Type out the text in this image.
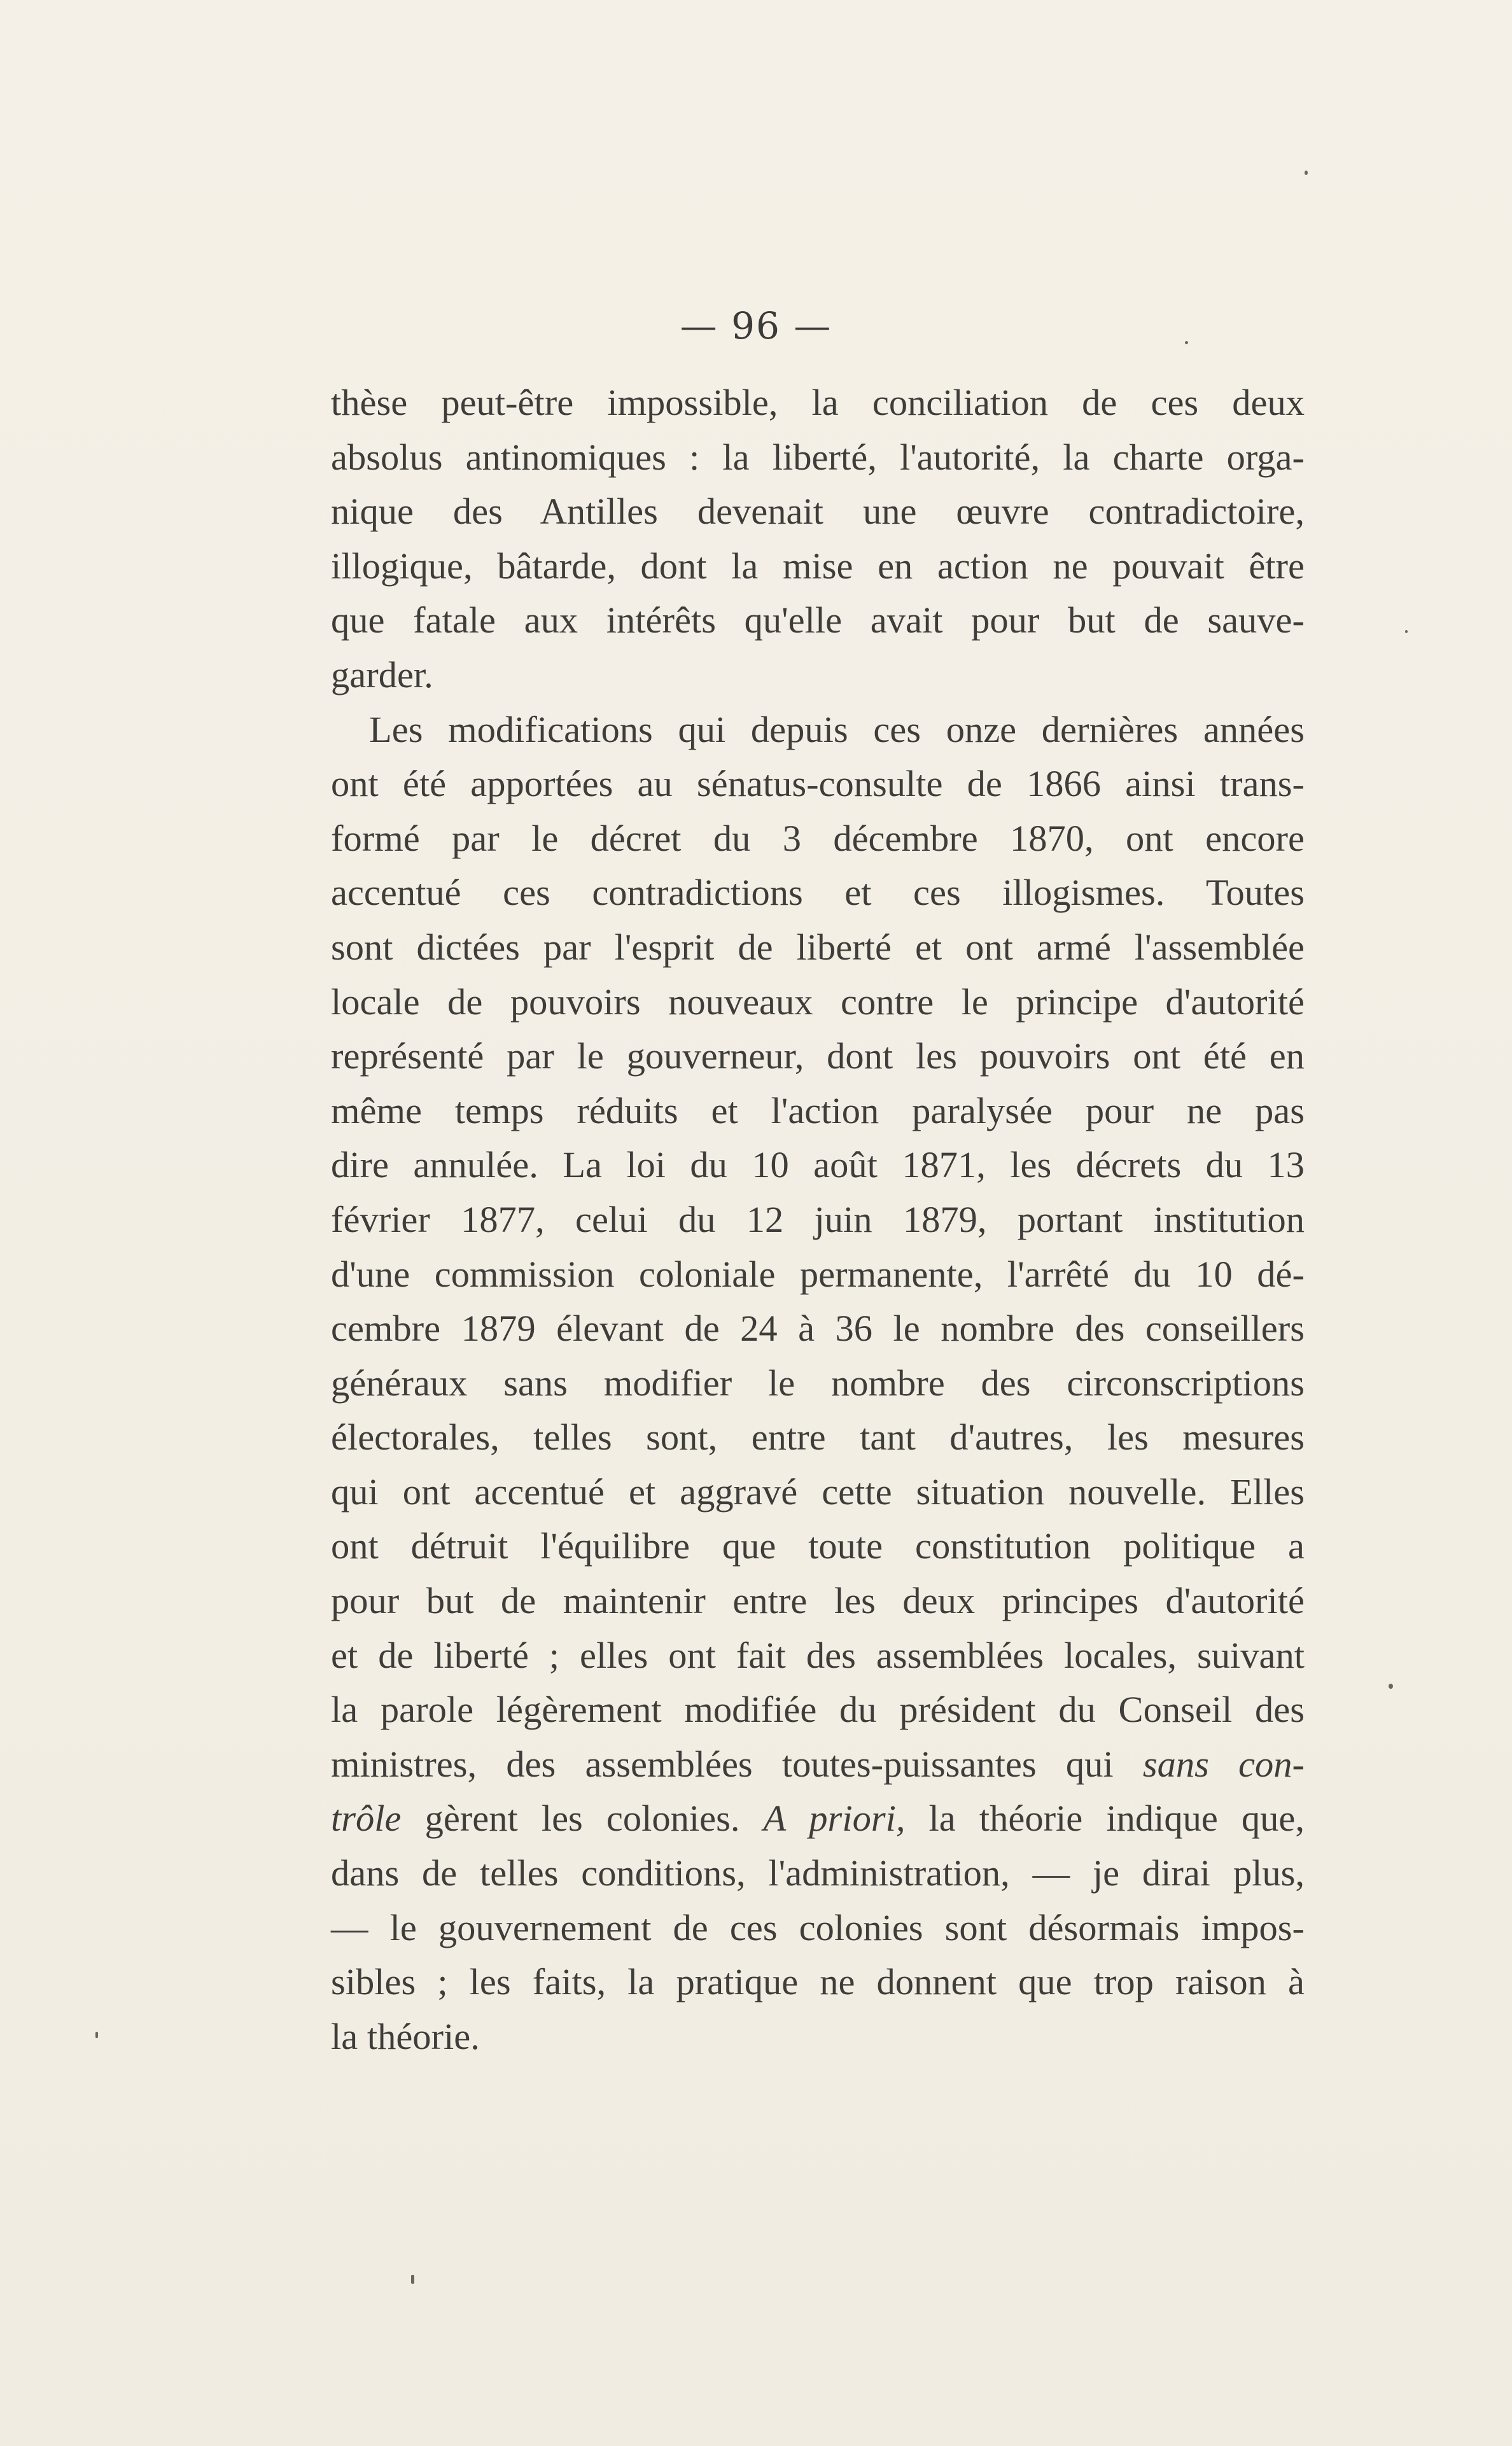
— 96 —
thèse peut-être impossible, la conciliation de ces deux
absolus antinomiques : la liberté, l'autorité, la charte orga-
nique des Antilles devenait une œuvre contradictoire,
illogique, bâtarde, dont la mise en action ne pouvait être
que fatale aux intérêts qu'elle avait pour but de sauve-
garder.
Les modifications qui depuis ces onze dernières années
ont été apportées au sénatus-consulte de 1866 ainsi trans-
formé par le décret du 3 décembre 1870, ont encore
accentué ces contradictions et ces illogismes. Toutes
sont dictées par l'esprit de liberté et ont armé l'assemblée
locale de pouvoirs nouveaux contre le principe d'autorité
représenté par le gouverneur, dont les pouvoirs ont été en
même temps réduits et l'action paralysée pour ne pas
dire annulée. La loi du 10 août 1871, les décrets du 13
février 1877, celui du 12 juin 1879, portant institution
d'une commission coloniale permanente, l'arrêté du 10 dé-
cembre 1879 élevant de 24 à 36 le nombre des conseillers
généraux sans modifier le nombre des circonscriptions
électorales, telles sont, entre tant d'autres, les mesures
qui ont accentué et aggravé cette situation nouvelle. Elles
ont détruit l'équilibre que toute constitution politique a
pour but de maintenir entre les deux principes d'autorité
et de liberté ; elles ont fait des assemblées locales, suivant
la parole légèrement modifiée du président du Conseil des
ministres, des assemblées toutes-puissantes qui sans con-
trôle gèrent les colonies. A priori, la théorie indique que,
dans de telles conditions, l'administration, — je dirai plus,
— le gouvernement de ces colonies sont désormais impos-
sibles ; les faits, la pratique ne donnent que trop raison à
la théorie.
